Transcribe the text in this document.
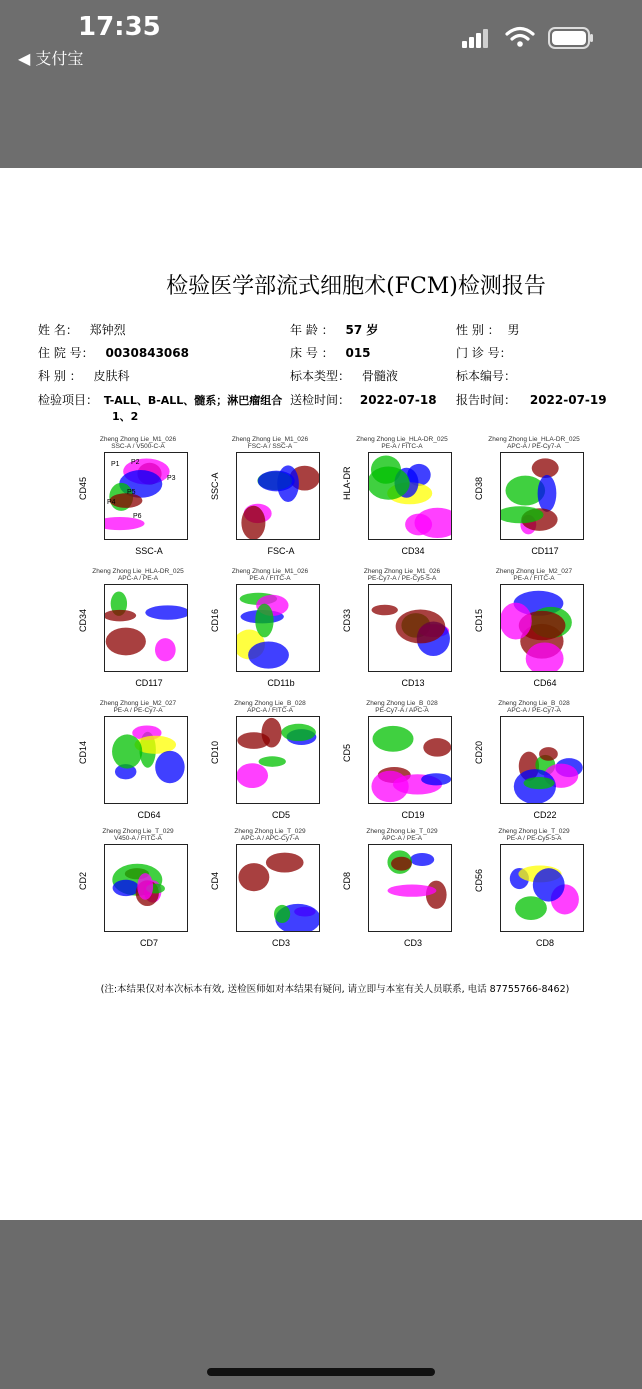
17:35
◀ 支付宝
检验医学部流式细胞术(FCM)检测报告
姓 名： 郑钟烈	年 龄 ： 57 岁	性 别 ： 男
住 院 号： 0030843068	床 号 ： 015	门 诊 号：
科 别 ： 皮肤科	标本类型： 骨髓液	标本编号：
检验项目： T-ALL、B-ALL、髓系；淋巴瘤组合
1、2
送检时间： 2022-07-18 报告时间： 2022-07-19
Zheng Zhong Lie_M1_026
SSC-A / V500-C-A
P1 P2
P3
P4
P5
P6
CD45
SSC-A
Zheng Zhong Lie_M1_026
FSC-A / SSC-A
SSC-A
FSC-A
Zheng Zhong Lie_HLA-DR_025
PE-A / FITC-A
HLA-DR
CD34
Zheng Zhong Lie_HLA-DR_025
APC-A / PE-Cy7-A
CD38
CD117
Zheng Zhong Lie_HLA-DR_025
APC-A / PE-A
CD34
CD117
Zheng Zhong Lie_M1_026
PE-A / FITC-A
CD16
CD11b
Zheng Zhong Lie_M1_026
PE-Cy7-A / PE-Cy5-5-A
CD33
CD13
Zheng Zhong Lie_M2_027
PE-A / FITC-A
CD15
CD64
Zheng Zhong Lie_M2_027
PE-A / PE-Cy7-A
CD14
CD64
Zheng Zhong Lie_B_028
APC-A / FITC-A
CD10
CD5
Zheng Zhong Lie_B_028
PE-Cy7-A / APC-A
CD5
CD19
Zheng Zhong Lie_B_028
APC-A / PE-Cy7-A
CD20
CD22
Zheng Zhong Lie_T_029
V450-A / FITC-A
CD2
CD7
Zheng Zhong Lie_T_029
APC-A / APC-Cy7-A
CD4
CD3
Zheng Zhong Lie_T_029
APC-A / PE-A
CD8
CD3
Zheng Zhong Lie_T_029
PE-A / PE-Cy5-5-A
CD56
CD8
(注:本结果仅对本次标本有效, 送检医师如对本结果有疑问, 请立即与本室有关人员联系, 电话 87755766-8462)
